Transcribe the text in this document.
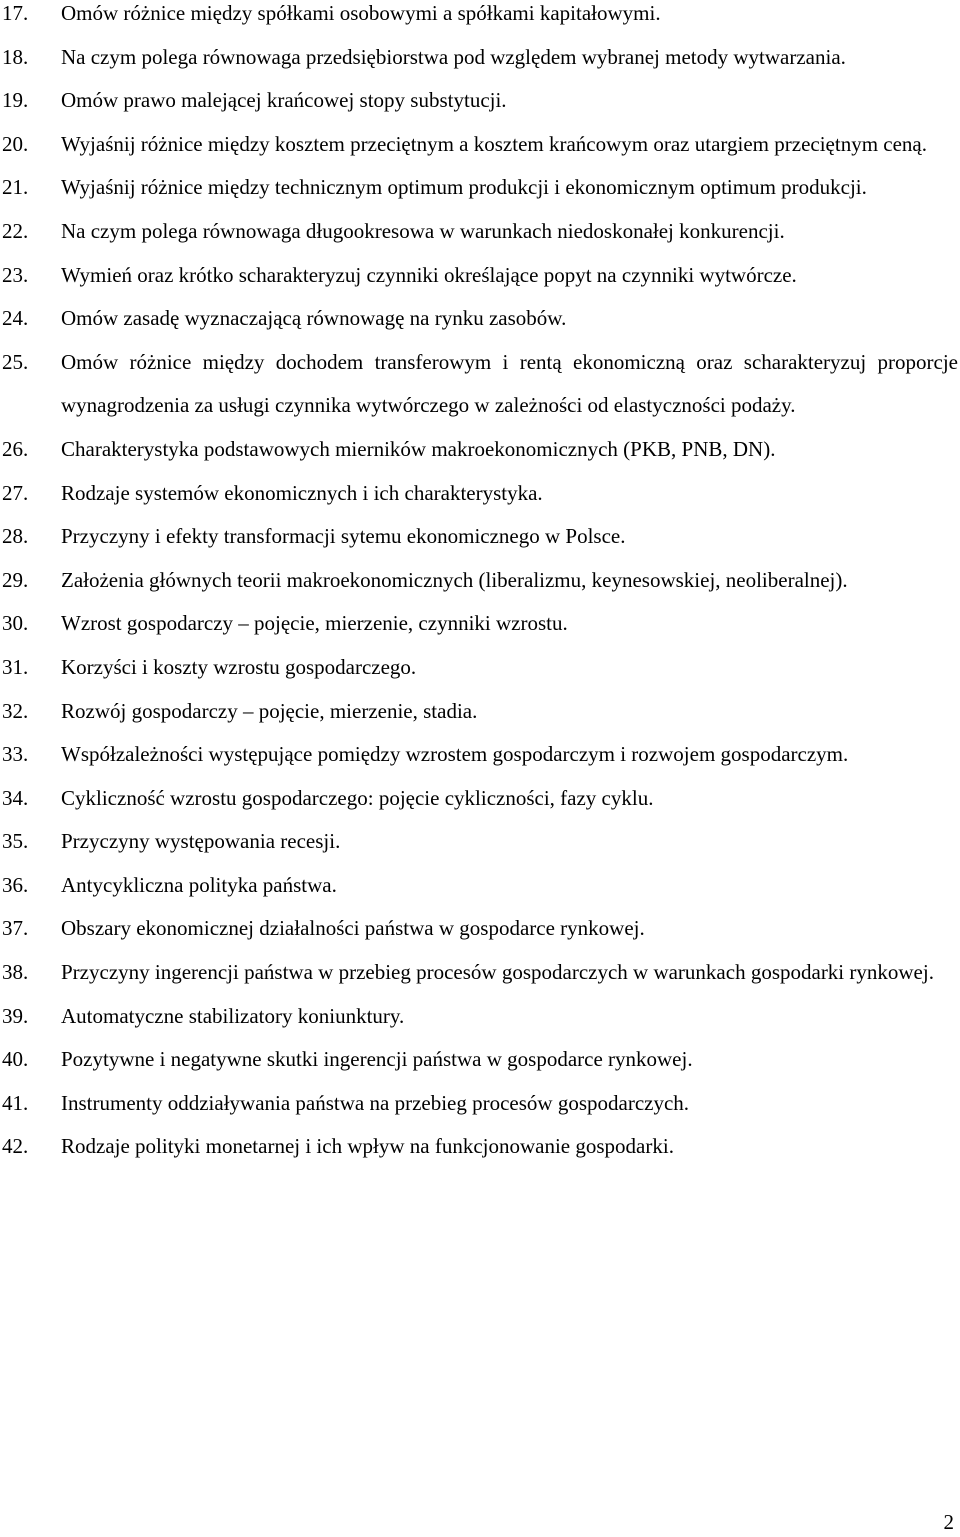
17.	Omów różnice między spółkami osobowymi a spółkami kapitałowymi.
18.	Na czym polega równowaga przedsiębiorstwa pod względem wybranej metody wytwarzania.
19.	Omów prawo malejącej krańcowej stopy substytucji.
20.	Wyjaśnij różnice między kosztem przeciętnym a kosztem krańcowym oraz utargiem przeciętnym ceną.
21.	Wyjaśnij różnice między technicznym optimum produkcji i ekonomicznym optimum produkcji.
22.	Na czym polega równowaga długookresowa w warunkach niedoskonałej konkurencji.
23.	Wymień oraz krótko scharakteryzuj czynniki określające popyt na czynniki wytwórcze.
24.	Omów zasadę wyznaczającą równowagę na rynku zasobów.
25.	Omów różnice między dochodem transferowym i rentą ekonomiczną oraz scharakteryzuj proporcje wynagrodzenia za usługi czynnika wytwórczego w zależności od elastyczności podaży.
26.	Charakterystyka podstawowych mierników makroekonomicznych (PKB, PNB, DN).
27.	Rodzaje systemów ekonomicznych i ich charakterystyka.
28.	Przyczyny i efekty transformacji sytemu ekonomicznego w Polsce.
29.	Założenia głównych teorii makroekonomicznych (liberalizmu, keynesowskiej, neoliberalnej).
30.	Wzrost gospodarczy – pojęcie, mierzenie, czynniki wzrostu.
31.	Korzyści i koszty wzrostu gospodarczego.
32.	Rozwój gospodarczy – pojęcie, mierzenie, stadia.
33.	Współzależności występujące pomiędzy wzrostem gospodarczym i rozwojem gospodarczym.
34.	Cykliczność wzrostu gospodarczego: pojęcie cykliczności, fazy cyklu.
35.	Przyczyny występowania recesji.
36.	Antycykliczna polityka państwa.
37.	Obszary ekonomicznej działalności państwa w gospodarce rynkowej.
38.	Przyczyny ingerencji państwa w przebieg procesów gospodarczych w warunkach gospodarki rynkowej.
39.	Automatyczne stabilizatory koniunktury.
40.	Pozytywne i negatywne skutki ingerencji państwa w gospodarce rynkowej.
41.	Instrumenty oddziaływania państwa na przebieg procesów gospodarczych.
42.	Rodzaje polityki monetarnej i ich wpływ na funkcjonowanie gospodarki.
2
